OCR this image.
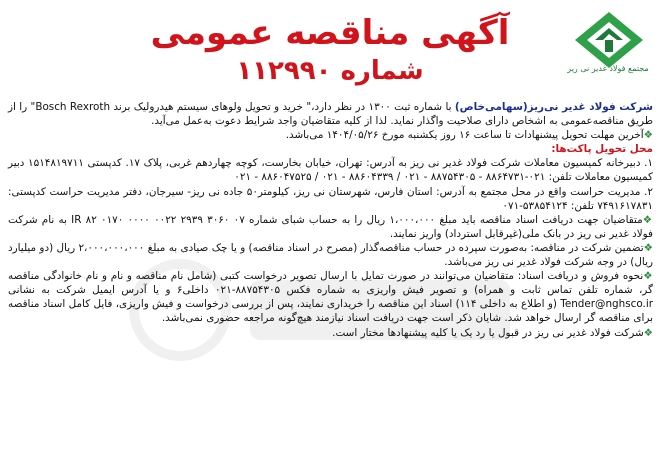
مجتمع فولاد غدیر نی ریز
آگهی مناقصه عمومی
شماره ۱۱۲۹۹۰

شرکت فولاد غدیر نی‌ریز(سهامی‌خاص) با شماره ثبت ۱۳۰۰ در نظر دارد،" خرید و تحویل ولوهای سیستم هیدرولیک برند Bosch Rexroth" را از طریق مناقصه‌عمومی به اشخاص دارای صلاحیت واگذار نماید. لذا از کلیه متقاضیان واجد شرایط دعوت به‌عمل می‌آید.

❖آخرین مهلت تحویل پیشنهادات تا ساعت ۱۶ روز یکشنبه مورخ ۱۴۰۴/۰۵/۲۶ می‌باشد.

محل تحویل پاکت‌ها:

۱. دبیرخانه کمیسیون معاملات شرکت فولاد غدیر نی ریز به آدرس: تهران، خیابان بخارست، کوچه چهاردهم غربی، پلاک ۱۷. کدپستی ۱۵۱۴۸۱۹۷۱۱ دبیر کمیسیون معاملات تلفن: ۰۲۱-۸۸۶۴۷۳۱ - ۸۸۷۵۴۳۰۵ - ۰۲۱ / ۸۸۶۰۴۳۳۹ - ۰۲۱ / ۸۸۶۰۴۷۵۲۵ - ۰۲۱

۲. مدیریت حراست واقع در محل مجتمع به آدرس: استان فارس، شهرستان نی ریز، کیلومتر۵۰ جاده نی ریز- سیرجان، دفتر مدیریت حراست کدپستی: ۷۴۹۱۶۱۷۸۳۱ تلفن: ۵۳۸۵۴۱۲۴-۰۷۱

❖متقاضیان جهت دریافت اسناد مناقصه باید مبلغ ۱،۰۰۰،۰۰۰ ریال را به حساب شبای شماره IR ۸۲ ۰۱۷۰ ۰۰۰۰ ۰۰۲۲ ۲۹۳۹ ۳۰۶۰ ۰۷ به نام شرکت فولاد غدیر نی ریز در بانک ملی(غیرقابل استرداد) واریز نمایند.

❖تضمین شرکت در مناقصه: به‌صورت سپرده در حساب مناقصه‌گذار (مصرح در اسناد مناقصه) و یا چک صیادی به مبلغ ۲،۰۰۰،۰۰۰،۰۰۰ ریال (دو میلیارد ریال) در وجه شرکت فولاد غدیر نی ریز می‌باشد.

❖نحوه فروش و دریافت اسناد: متقاضیان می‌توانند در صورت تمایل با ارسال تصویر درخواست کتبی (شامل نام مناقصه و نام و نام خانوادگی مناقصه گر، شماره تلفن تماس ثابت و همراه) و تصویر فیش واریزی به شماره فکس ۸۸۷۵۴۳۰۵-۰۲۱ داخلی۶ و یا آدرس ایمیل شرکت به نشانی Tender@nghsco.ir (و اطلاع به داخلی ۱۱۴) اسناد این مناقصه را خریداری نمایند، پس از بررسی درخواست و فیش واریزی، فایل کامل اسناد مناقصه برای مناقصه گر ارسال خواهد شد. شایان ذکر است جهت دریافت اسناد نیازمند هیچ‌گونه مراجعه حضوری نمی‌باشد.

❖شرکت فولاد غدیر نی ریز در قبول یا رد یک یا کلیه پیشنهادها مختار است.
